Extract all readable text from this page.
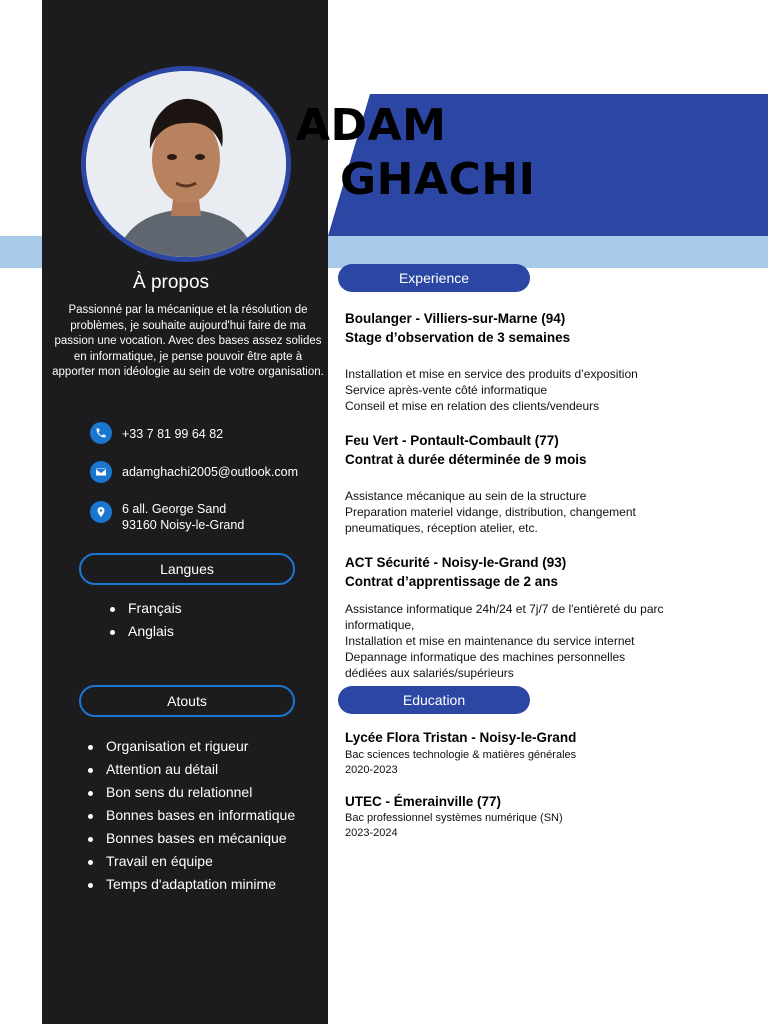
ADAM
GHACHI
À propos
Passionné par la mécanique et la résolution de problèmes, je souhaite aujourd'hui faire de ma passion une vocation. Avec des bases assez solides en informatique, je pense pouvoir être apte à apporter mon idéologie au sein de votre organisation.
+33 7 81 99 64 82
adamghachi2005@outlook.com
6 all. George Sand
93160 Noisy-le-Grand
Langues
Français
Anglais
Atouts
Organisation et rigueur
Attention au détail
Bon sens du relationnel
Bonnes bases en informatique
Bonnes bases en mécanique
Travail en équipe
Temps d'adaptation minime
Experience
Boulanger - Villiers-sur-Marne (94)
Stage d’observation de 3 semaines
Installation et mise en service des produits d’exposition
Service après-vente côté informatique
Conseil et mise en relation des clients/vendeurs
Feu Vert - Pontault-Combault (77)
Contrat à durée déterminée de 9 mois
Assistance mécanique au sein de la structure
Preparation materiel vidange, distribution, changement
pneumatiques, réception atelier, etc.
ACT Sécurité - Noisy-le-Grand (93)
Contrat d’apprentissage de 2 ans
Assistance informatique 24h/24 et 7j/7 de l'entièreté du parc
informatique,
Installation et mise en maintenance du service internet
Depannage informatique des machines personnelles
dédiées aux salariés/supérieurs
Education
Lycée Flora Tristan - Noisy-le-Grand
Bac sciences technologie & matières générales
2020-2023
UTEC - Émerainville (77)
Bac professionnel systèmes numérique (SN)
2023-2024
